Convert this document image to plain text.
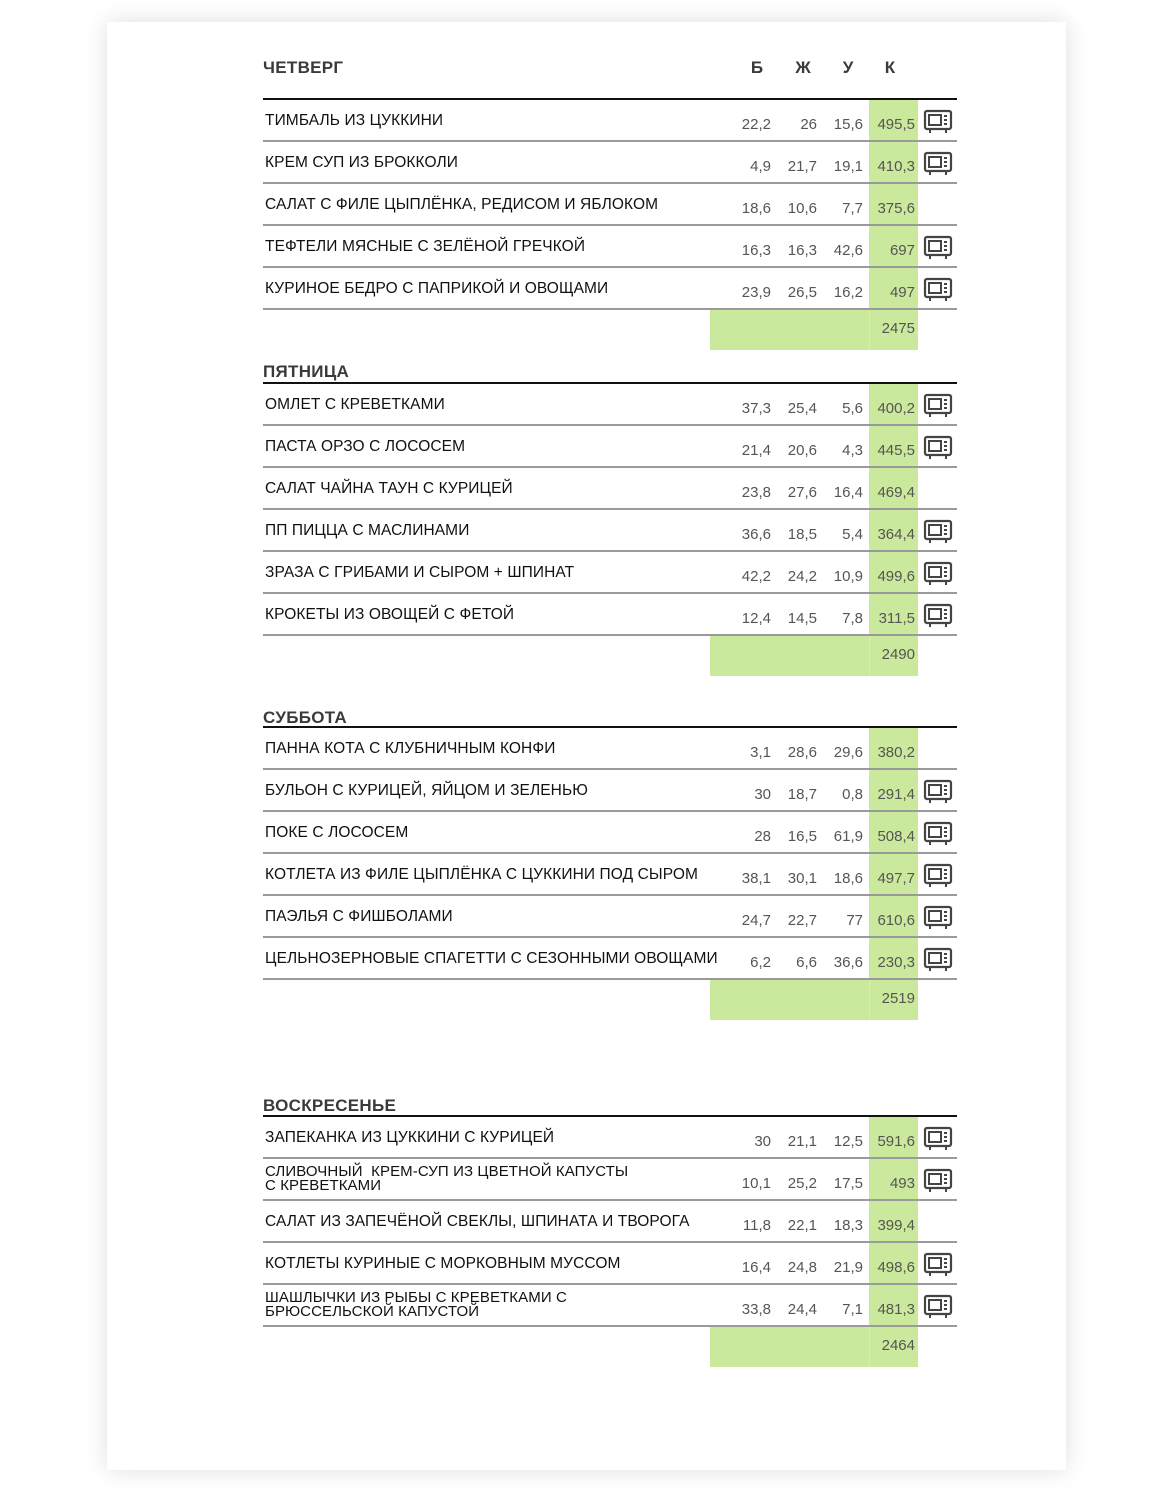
ЧЕТВЕРГ	Б	Ж	У	К
ТИМБАЛЬ ИЗ ЦУККИНИ	22,2	26	15,6 495,5
КРЕМ СУП ИЗ БРОККОЛИ	4,9	21,7	19,1 410,3
САЛАТ С ФИЛЕ ЦЫПЛЁНКА, РЕДИСОМ И ЯБЛОКОМ	18,6	10,6	7,7 375,6
ТЕФТЕЛИ МЯСНЫЕ С ЗЕЛЁНОЙ ГРЕЧКОЙ	16,3	16,3	42,6	697
КУРИНОЕ БЕДРО С ПАПРИКОЙ И ОВОЩАМИ	23,9	26,5	16,2	497
2475
ПЯТНИЦА
ОМЛЕТ С КРЕВЕТКАМИ	37,3	25,4	5,6 400,2
ПАСТА ОРЗО С ЛОСОСЕМ	21,4	20,6	4,3 445,5
САЛАТ ЧАЙНА ТАУН С КУРИЦЕЙ	23,8	27,6	16,4 469,4
ПП ПИЦЦА С МАСЛИНАМИ	36,6	18,5	5,4 364,4
ЗРАЗА С ГРИБАМИ И СЫРОМ + ШПИНАТ	42,2	24,2	10,9 499,6
КРОКЕТЫ ИЗ ОВОЩЕЙ С ФЕТОЙ	12,4	14,5	7,8	311,5
2490
СУББОТА
ПАННА КОТА С КЛУБНИЧНЫМ КОНФИ	3,1	28,6	29,6 380,2
БУЛЬОН С КУРИЦЕЙ, ЯЙЦОМ И ЗЕЛЕНЬЮ	30	18,7	0,8 291,4
ПОКЕ С ЛОСОСЕМ	28	16,5	61,9 508,4
КОТЛЕТА ИЗ ФИЛЕ ЦЫПЛЁНКА С ЦУККИНИ ПОД СЫРОМ	38,1	30,1	18,6 497,7
ПАЭЛЬЯ С ФИШБОЛАМИ	24,7	22,7	77 610,6
ЦЕЛЬНОЗЕРНОВЫЕ СПАГЕТТИ С СЕЗОННЫМИ ОВОЩАМИ	6,2	6,6	36,6 230,3
2519
ВОСКРЕСЕНЬЕ
ЗАПЕКАНКА ИЗ ЦУККИНИ С КУРИЦЕЙ	30	21,1	12,5 591,6
СЛИВОЧНЫЙ  КРЕМ-СУП ИЗ ЦВЕТНОЙ КАПУСТЫ
С КРЕВЕТКАМИ	10,1	25,2	17,5	493
САЛАТ ИЗ ЗАПЕЧЁНОЙ СВЕКЛЫ, ШПИНАТА И ТВОРОГА	11,8	22,1	18,3 399,4
КОТЛЕТЫ КУРИНЫЕ С МОРКОВНЫМ МУССОМ	16,4	24,8	21,9 498,6
ШАШЛЫЧКИ ИЗ РЫБЫ С КРЕВЕТКАМИ С
БРЮССЕЛЬСКОЙ КАПУСТОЙ	33,8	24,4	7,1 481,3
2464
